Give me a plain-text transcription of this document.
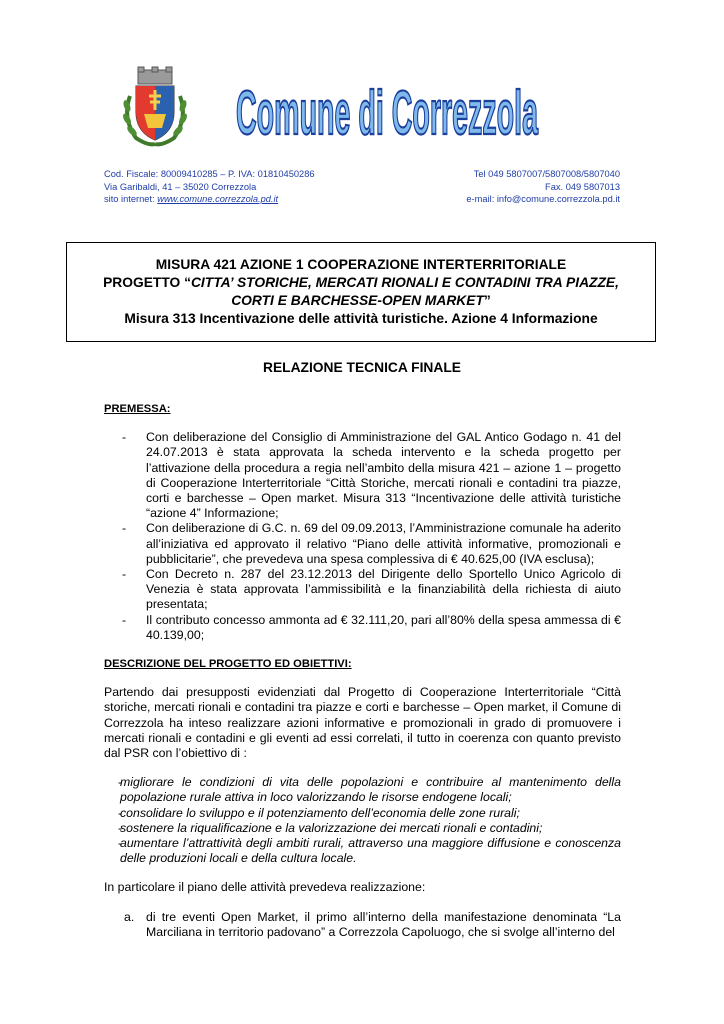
Comune di Correzzola
Cod. Fiscale: 80009410285 – P. IVA: 01810450286
Via Garibaldi, 41 – 35020 Correzzola
sito internet: www.comune.correzzola.pd.it
Tel 049 5807007/5807008/5807040
Fax. 049 5807013
e-mail: info@comune.correzzola.pd.it
MISURA 421 AZIONE 1 COOPERAZIONE INTERTERRITORIALE
PROGETTO “CITTA’ STORICHE, MERCATI RIONALI E CONTADINI TRA PIAZZE,
CORTI E BARCHESSE-OPEN MARKET”
Misura 313 Incentivazione delle attività turistiche. Azione 4 Informazione
RELAZIONE TECNICA FINALE
PREMESSA:
- Con deliberazione del Consiglio di Amministrazione del GAL Antico Godago n. 41 del 24.07.2013 è stata approvata la scheda intervento e la scheda progetto per l’attivazione della procedura a regia nell’ambito della misura 421 – azione 1 – progetto di Cooperazione Interterritoriale “Città Storiche, mercati rionali e contadini tra piazze, corti e barchesse – Open market. Misura 313 “Incentivazione delle attività turistiche “azione 4” Informazione;
- Con deliberazione di G.C. n. 69 del 09.09.2013, l’Amministrazione comunale ha aderito all’iniziativa ed approvato il relativo “Piano delle attività informative, promozionali e pubblicitarie”, che prevedeva una spesa complessiva di € 40.625,00 (IVA esclusa);
- Con Decreto n. 287 del 23.12.2013 del Dirigente dello Sportello Unico Agricolo di Venezia è stata approvata l’ammissibilità e la finanziabilità della richiesta di aiuto presentata;
- Il contributo concesso ammonta ad € 32.111,20, pari all’80% della spesa ammessa di € 40.139,00;
DESCRIZIONE DEL PROGETTO ED OBIETTIVI:

Partendo dai presupposti evidenziati dal Progetto di Cooperazione Interterritoriale “Città storiche, mercati rionali e contadini tra piazze e corti e barchesse – Open market, il Comune di Correzzola ha inteso realizzare azioni informative e promozionali in grado di promuovere i mercati rionali e contadini e gli eventi ad essi correlati, il tutto in coerenza con quanto previsto dal PSR con l’obiettivo di :

- migliorare le condizioni di vita delle popolazioni e contribuire al mantenimento della popolazione rurale attiva in loco valorizzando le risorse endogene locali;
- consolidare lo sviluppo e il potenziamento dell’economia delle zone rurali;
- sostenere la riqualificazione e la valorizzazione dei mercati rionali e contadini;
- aumentare l’attrattività degli ambiti rurali, attraverso una maggiore diffusione e conoscenza delle produzioni locali e della cultura locale.

In particolare il piano delle attività prevedeva realizzazione:

a. di tre eventi Open Market, il primo all’interno della manifestazione denominata “La Marciliana in territorio padovano” a Correzzola Capoluogo, che si svolge all’interno del
